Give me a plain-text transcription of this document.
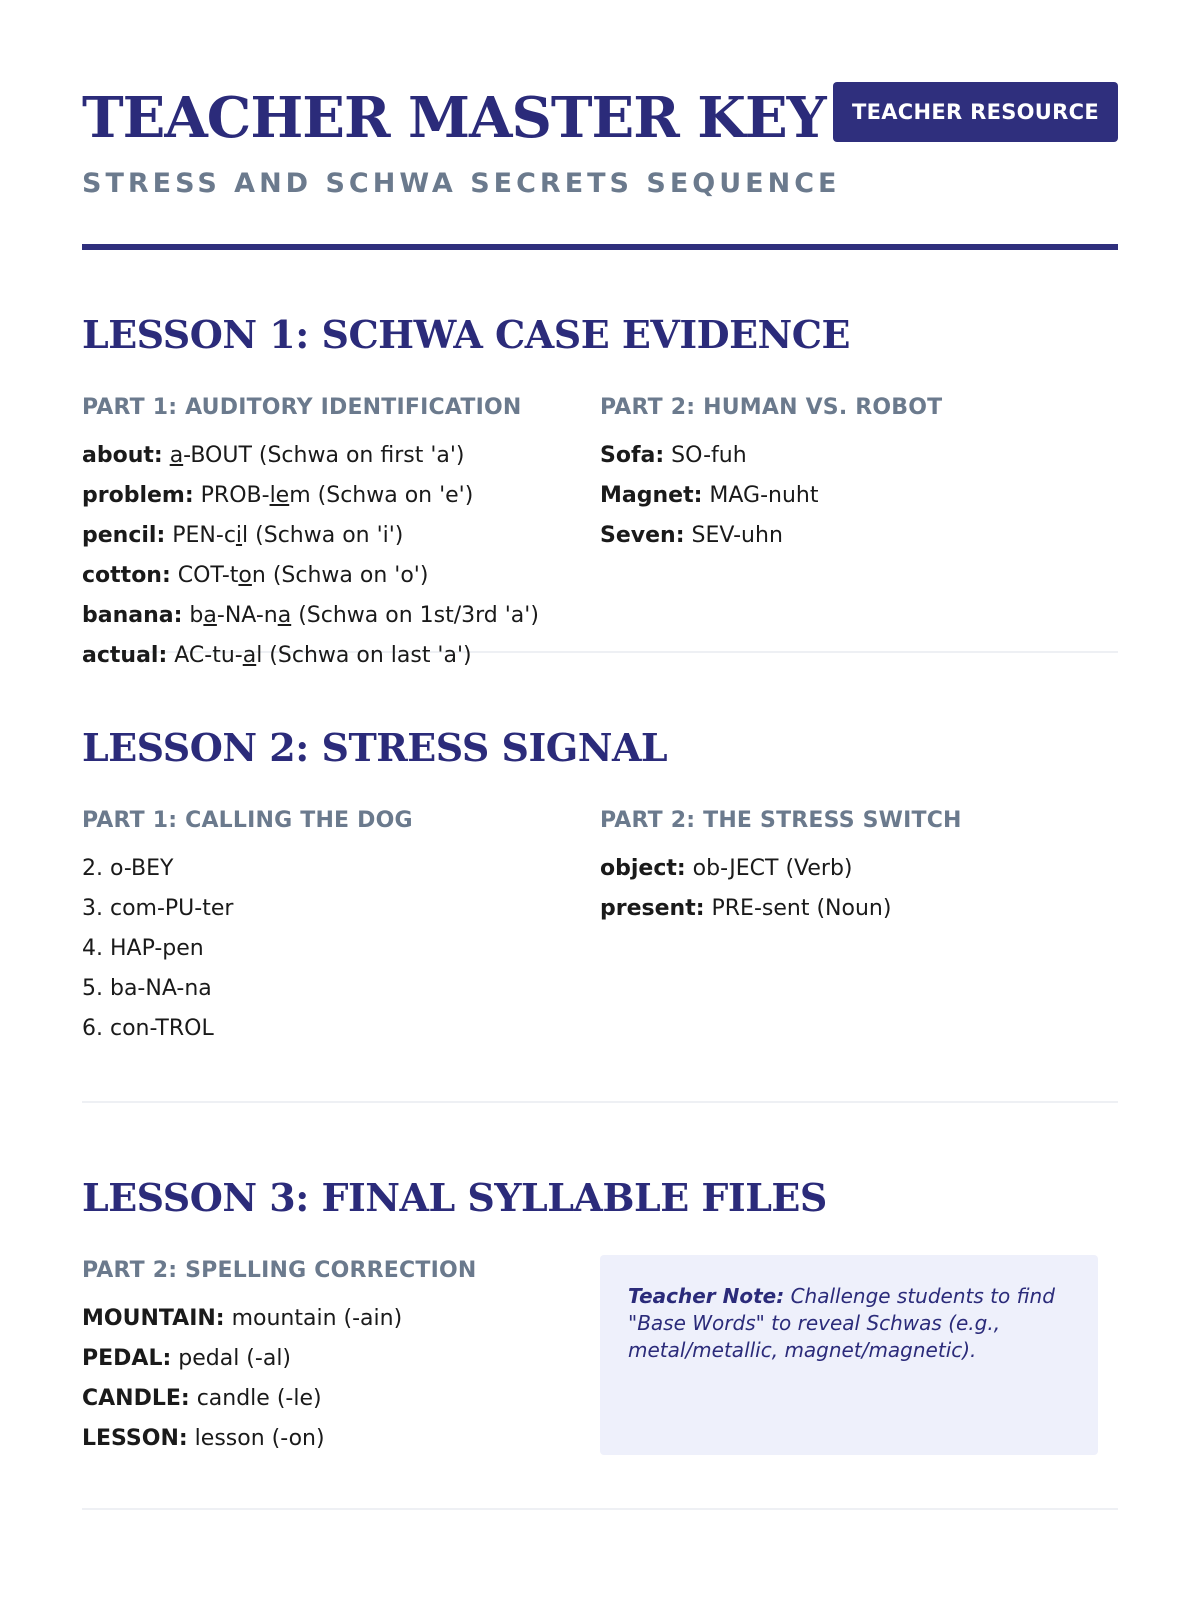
TEACHER MASTER KEY
STRESS AND SCHWA SECRETS SEQUENCE
TEACHER RESOURCE
LESSON 1: SCHWA CASE EVIDENCE
PART 1: AUDITORY IDENTIFICATION
about: a-BOUT (Schwa on first 'a')
problem: PROB-lem (Schwa on 'e')
pencil: PEN-cil (Schwa on 'i')
cotton: COT-ton (Schwa on 'o')
banana: ba-NA-na (Schwa on 1st/3rd 'a')
actual: AC-tu-al (Schwa on last 'a')
PART 2: HUMAN VS. ROBOT
Sofa: SO-fuh
Magnet: MAG-nuht
Seven: SEV-uhn
LESSON 2: STRESS SIGNAL
PART 1: CALLING THE DOG
2. o-BEY
3. com-PU-ter
4. HAP-pen
5. ba-NA-na
6. con-TROL
PART 2: THE STRESS SWITCH
object: ob-JECT (Verb)
present: PRE-sent (Noun)
LESSON 3: FINAL SYLLABLE FILES
PART 2: SPELLING CORRECTION
MOUNTAIN: mountain (-ain)
PEDAL: pedal (-al)
CANDLE: candle (-le)
LESSON: lesson (-on)
Teacher Note: Challenge students to find "Base Words" to reveal Schwas (e.g., metal/metallic, magnet/magnetic).
